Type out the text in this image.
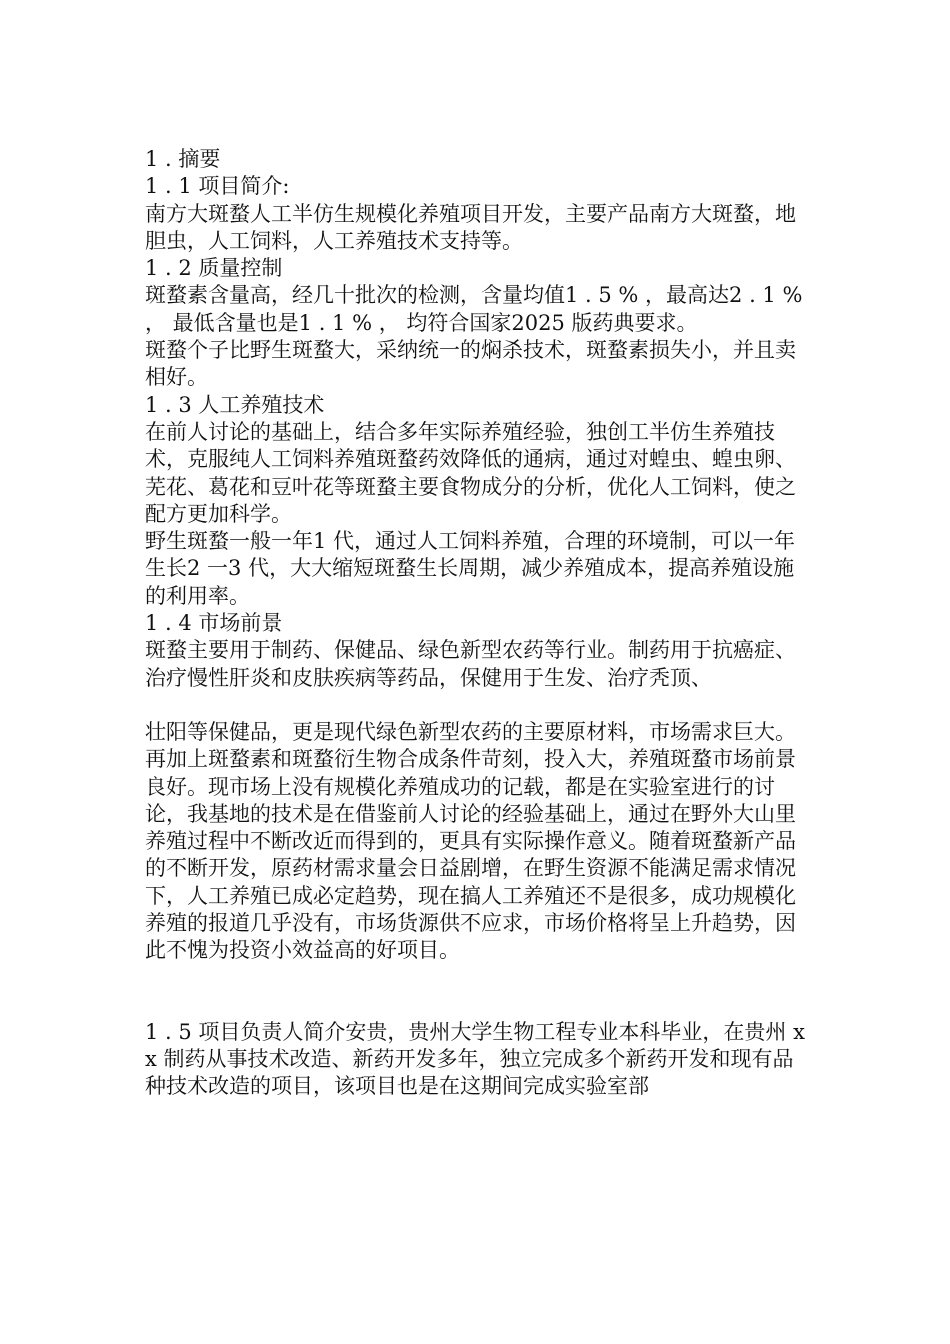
1 . 摘要
1 . 1 项目简介:
南方大斑蝥人工半仿生规模化养殖项目开发，主要产品南方大斑蝥，地胆虫，人工饲料，人工养殖技术支持等。
1 . 2 质量控制
斑蝥素含量高，经几十批次的检测，含量均值1 . 5 % ，最高达2 . 1 % ， 最低含量也是1 . 1 % ， 均符合国家2025 版药典要求。
斑蝥个子比野生斑蝥大，采纳统一的焖杀技术，斑蝥素损失小，并且卖相好。
1 . 3 人工养殖技术
在前人讨论的基础上，结合多年实际养殖经验，独创工半仿生养殖技术，克服纯人工饲料养殖斑蝥药效降低的通病，通过对蝗虫、蝗虫卵、芜花、葛花和豆叶花等斑蝥主要食物成分的分析，优化人工饲料，使之配方更加科学。
野生斑蝥一般一年1 代，通过人工饲料养殖，合理的环境制，可以一年生长2 一3 代，大大缩短斑蝥生长周期，减少养殖成本，提高养殖设施的利用率。
1 . 4 市场前景
斑蝥主要用于制药、保健品、绿色新型农药等行业。制药用于抗癌症、治疗慢性肝炎和皮肤疾病等药品，保健用于生发、治疗秃顶、
壮阳等保健品，更是现代绿色新型农药的主要原材料，市场需求巨大。再加上斑蝥素和斑蝥衍生物合成条件苛刻，投入大，养殖斑蝥市场前景良好。现市场上没有规模化养殖成功的记载，都是在实验室进行的讨论，我基地的技术是在借鉴前人讨论的经验基础上，通过在野外大山里养殖过程中不断改近而得到的，更具有实际操作意义。随着斑蝥新产品的不断开发，原药材需求量会日益剧增，在野生资源不能满足需求情况下，人工养殖已成必定趋势，现在搞人工养殖还不是很多，成功规模化养殖的报道几乎没有，市场货源供不应求，市场价格将呈上升趋势，因此不愧为投资小效益高的好项目。
1 . 5 项目负责人简介安贵，贵州大学生物工程专业本科毕业，在贵州 xx 制药从事技术改造、新药开发多年，独立完成多个新药开发和现有品种技术改造的项目，该项目也是在这期间完成实验室部
